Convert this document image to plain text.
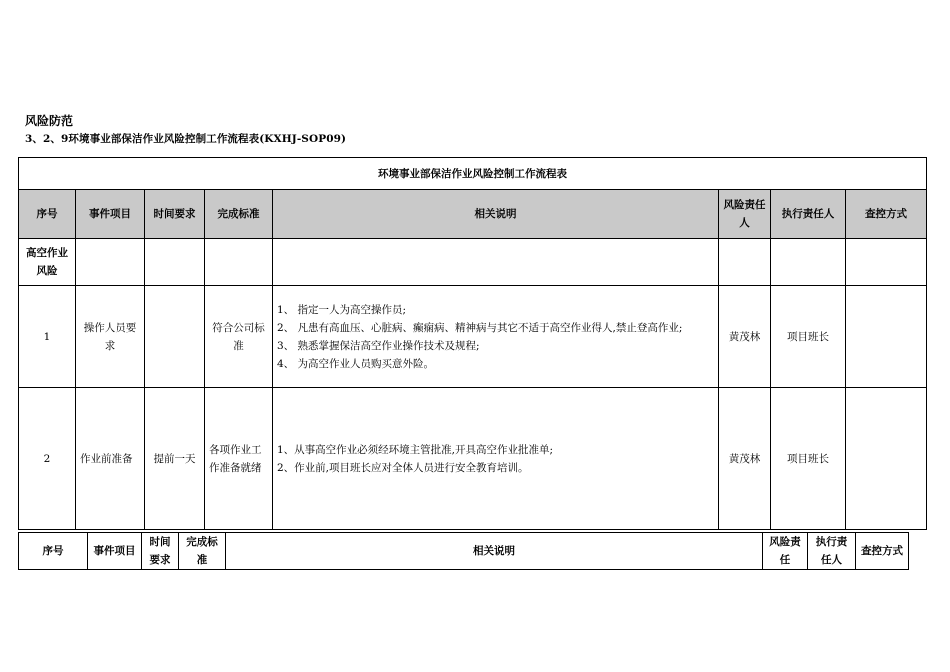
风险防范
3、2、9环境事业部保洁作业风险控制工作流程表(KXHJ-SOP09)
环境事业部保洁作业风险控制工作流程表							
序号	事件项目	时间要求	完成标准	相关说明	风险责任人	执行责任人	查控方式
高空作业风险							
1	操作人员要求		符合公司标准	1、 指定一人为高空操作员;
2、 凡患有高血压、心脏病、癫痫病、精神病与其它不适于高空作业得人,禁止登高作业;
3、 熟悉掌握保洁高空作业操作技术及规程;
4、 为高空作业人员购买意外险。	黄茂林	项目班长	
2	作业前准备	提前一天	各项作业工作准备就绪	1、从事高空作业必须经环境主管批准,开具高空作业批准单;
2、作业前,项目班长应对全体人员进行安全教育培训。	黄茂林	项目班长	
序号	事件项目	时间要求	完成标准	相关说明	风险责任	执行责任人	查控方式
